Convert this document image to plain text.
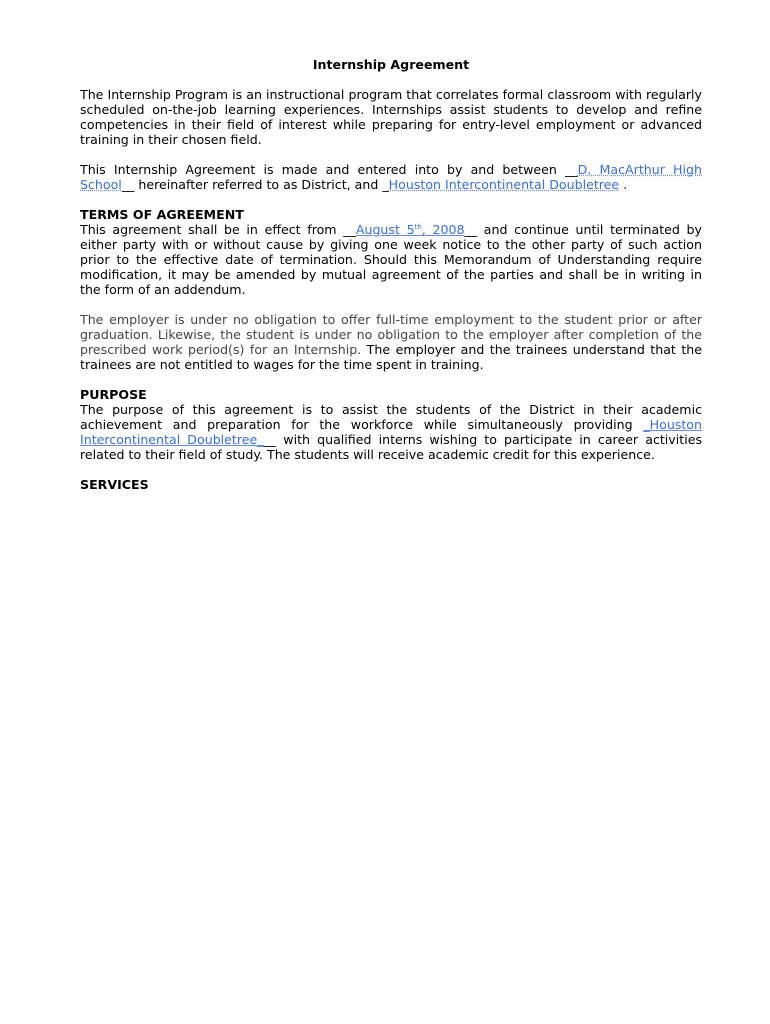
Internship Agreement

The Internship Program is an instructional program that correlates formal classroom with regularly scheduled on-the-job learning experiences. Internships assist students to develop and refine competencies in their field of interest while preparing for entry-level employment or advanced training in their chosen field.

This Internship Agreement is made and entered into by and between __D. MacArthur High School__ hereinafter referred to as District, and _Houston Intercontinental Doubletree .

TERMS OF AGREEMENT

This agreement shall be in effect from __August 5th, 2008__ and continue until terminated by either party with or without cause by giving one week notice to the other party of such action prior to the effective date of termination. Should this Memorandum of Understanding require modification, it may be amended by mutual agreement of the parties and shall be in writing in the form of an addendum.

The employer is under no obligation to offer full-time employment to the student prior or after graduation. Likewise, the student is under no obligation to the employer after completion of the prescribed work period(s) for an Internship. The employer and the trainees understand that the trainees are not entitled to wages for the time spent in training.

PURPOSE

The purpose of this agreement is to assist the students of the District in their academic achievement and preparation for the workforce while simultaneously providing _Houston Intercontinental Doubletree___ with qualified interns wishing to participate in career activities related to their field of study. The students will receive academic credit for this experience.

SERVICES
